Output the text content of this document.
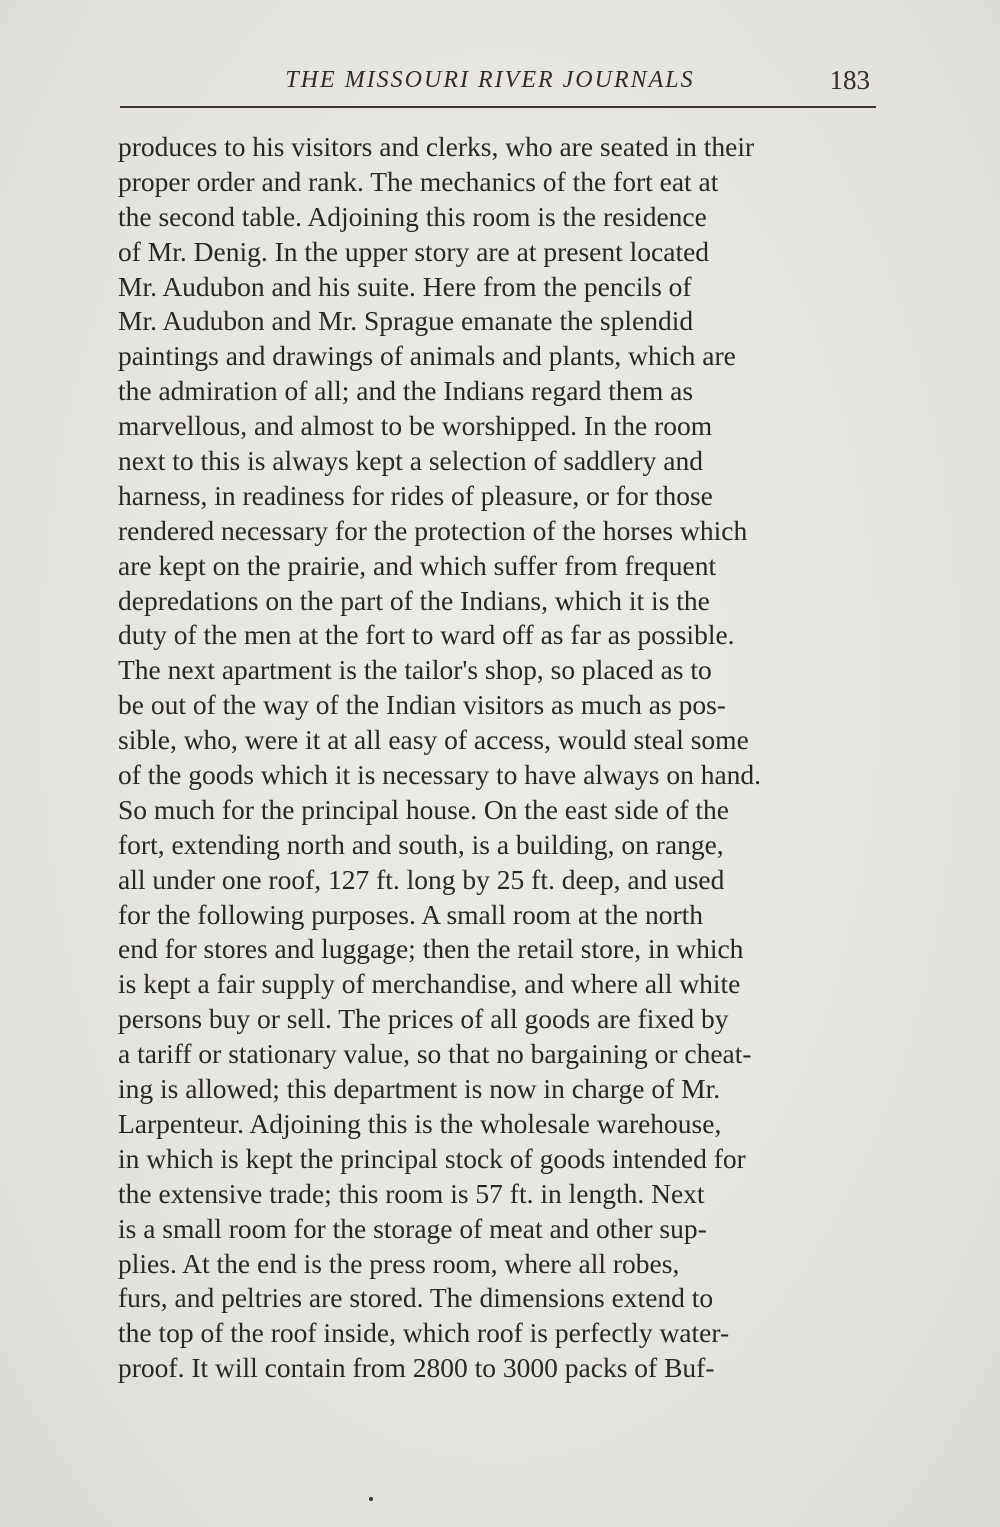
THE MISSOURI RIVER JOURNALS	183
produces to his visitors and clerks, who are seated in their
proper order and rank. The mechanics of the fort eat at
the second table. Adjoining this room is the residence
of Mr. Denig. In the upper story are at present located
Mr. Audubon and his suite. Here from the pencils of
Mr. Audubon and Mr. Sprague emanate the splendid
paintings and drawings of animals and plants, which are
the admiration of all; and the Indians regard them as
marvellous, and almost to be worshipped. In the room
next to this is always kept a selection of saddlery and
harness, in readiness for rides of pleasure, or for those
rendered necessary for the protection of the horses which
are kept on the prairie, and which suffer from frequent
depredations on the part of the Indians, which it is the
duty of the men at the fort to ward off as far as possible.
The next apartment is the tailor's shop, so placed as to
be out of the way of the Indian visitors as much as pos-
sible, who, were it at all easy of access, would steal some
of the goods which it is necessary to have always on hand.
So much for the principal house. On the east side of the
fort, extending north and south, is a building, on range,
all under one roof, 127 ft. long by 25 ft. deep, and used
for the following purposes. A small room at the north
end for stores and luggage; then the retail store, in which
is kept a fair supply of merchandise, and where all white
persons buy or sell. The prices of all goods are fixed by
a tariff or stationary value, so that no bargaining or cheat-
ing is allowed; this department is now in charge of Mr.
Larpenteur. Adjoining this is the wholesale warehouse,
in which is kept the principal stock of goods intended for
the extensive trade; this room is 57 ft. in length. Next
is a small room for the storage of meat and other sup-
plies. At the end is the press room, where all robes,
furs, and peltries are stored. The dimensions extend to
the top of the roof inside, which roof is perfectly water-
proof. It will contain from 2800 to 3000 packs of Buf-
